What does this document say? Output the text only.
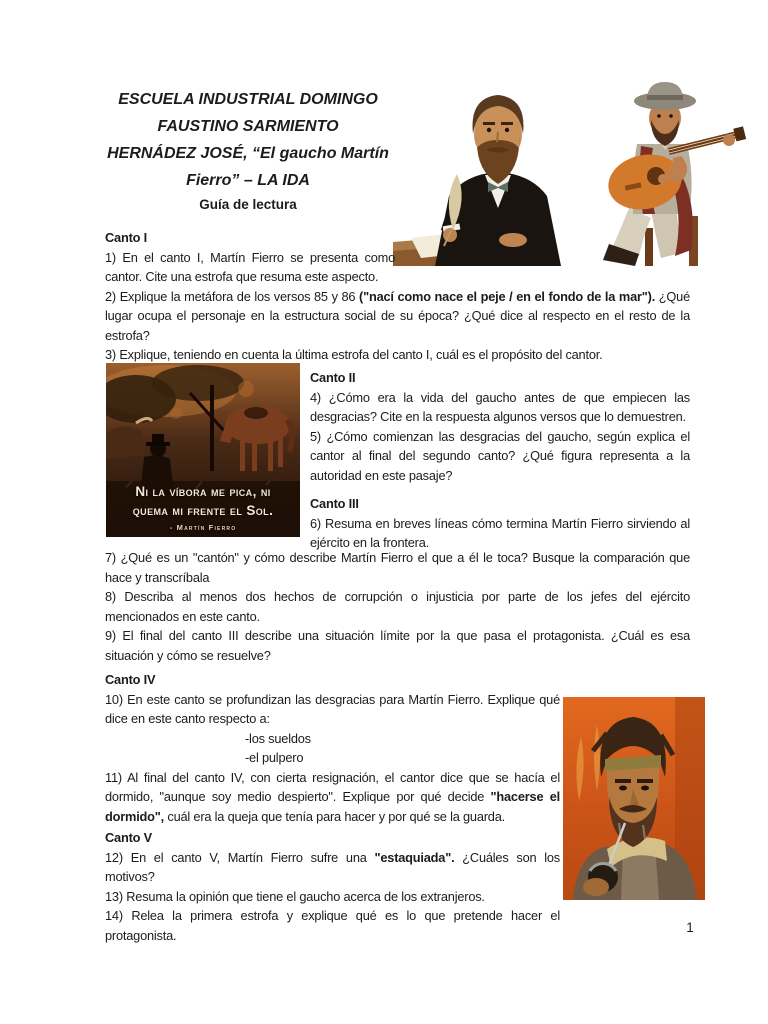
ESCUELA INDUSTRIAL DOMINGO
FAUSTINO SARMIENTO
HERNÁDEZ JOSÉ, “El gaucho Martín
Fierro” – LA IDA
Guía de lectura
Canto I
1) En el canto I, Martín Fierro se presenta como
cantor. Cite una estrofa que resuma este aspecto.
2) Explique la metáfora de los versos 85 y 86 ("nací como nace el peje / en el fondo de la mar"). ¿Qué
lugar ocupa el personaje en la estructura social de su época? ¿Qué dice al respecto en el resto de la
estrofa?
3) Explique, teniendo en cuenta la última estrofa del canto I, cuál es el propósito del cantor.
Ni la víbora me pica, ni
quema mi frente el Sol.
- Martín Fierro
Canto II
4) ¿Cómo era la vida del gaucho antes de que empiecen las
desgracias? Cite en la respuesta algunos versos que lo demuestren.
5) ¿Cómo comienzan las desgracias del gaucho, según explica el
cantor al final del segundo canto? ¿Qué figura representa a la
autoridad en este pasaje?
Canto III
6) Resuma en breves líneas cómo termina Martín Fierro sirviendo al
ejército en la frontera.
7) ¿Qué es un "cantón" y cómo describe Martín Fierro el que a él le toca? Busque la comparación que
hace y transcríbala
8) Describa al menos dos hechos de corrupción o injusticia por parte de los jefes del ejército
mencionados en este canto.
9) El final del canto III describe una situación límite por la que pasa el protagonista. ¿Cuál es esa
situación y cómo se resuelve?
Canto IV
10) En este canto se profundizan las desgracias para Martín Fierro. Explique qué
dice en este canto respecto a:
-los sueldos
-el pulpero
11) Al final del canto IV, con cierta resignación, el cantor dice que se hacía el
dormido, "aunque soy medio despierto". Explique por qué decide "hacerse el
dormido", cuál era la queja que tenía para hacer y por qué se la guarda.
Canto V
12) En el canto V, Martín Fierro sufre una "estaquiada". ¿Cuáles son los
motivos?
13) Resuma la opinión que tiene el gaucho acerca de los extranjeros.
14) Relea la primera estrofa y explique qué es lo que pretende hacer el
protagonista.	1
